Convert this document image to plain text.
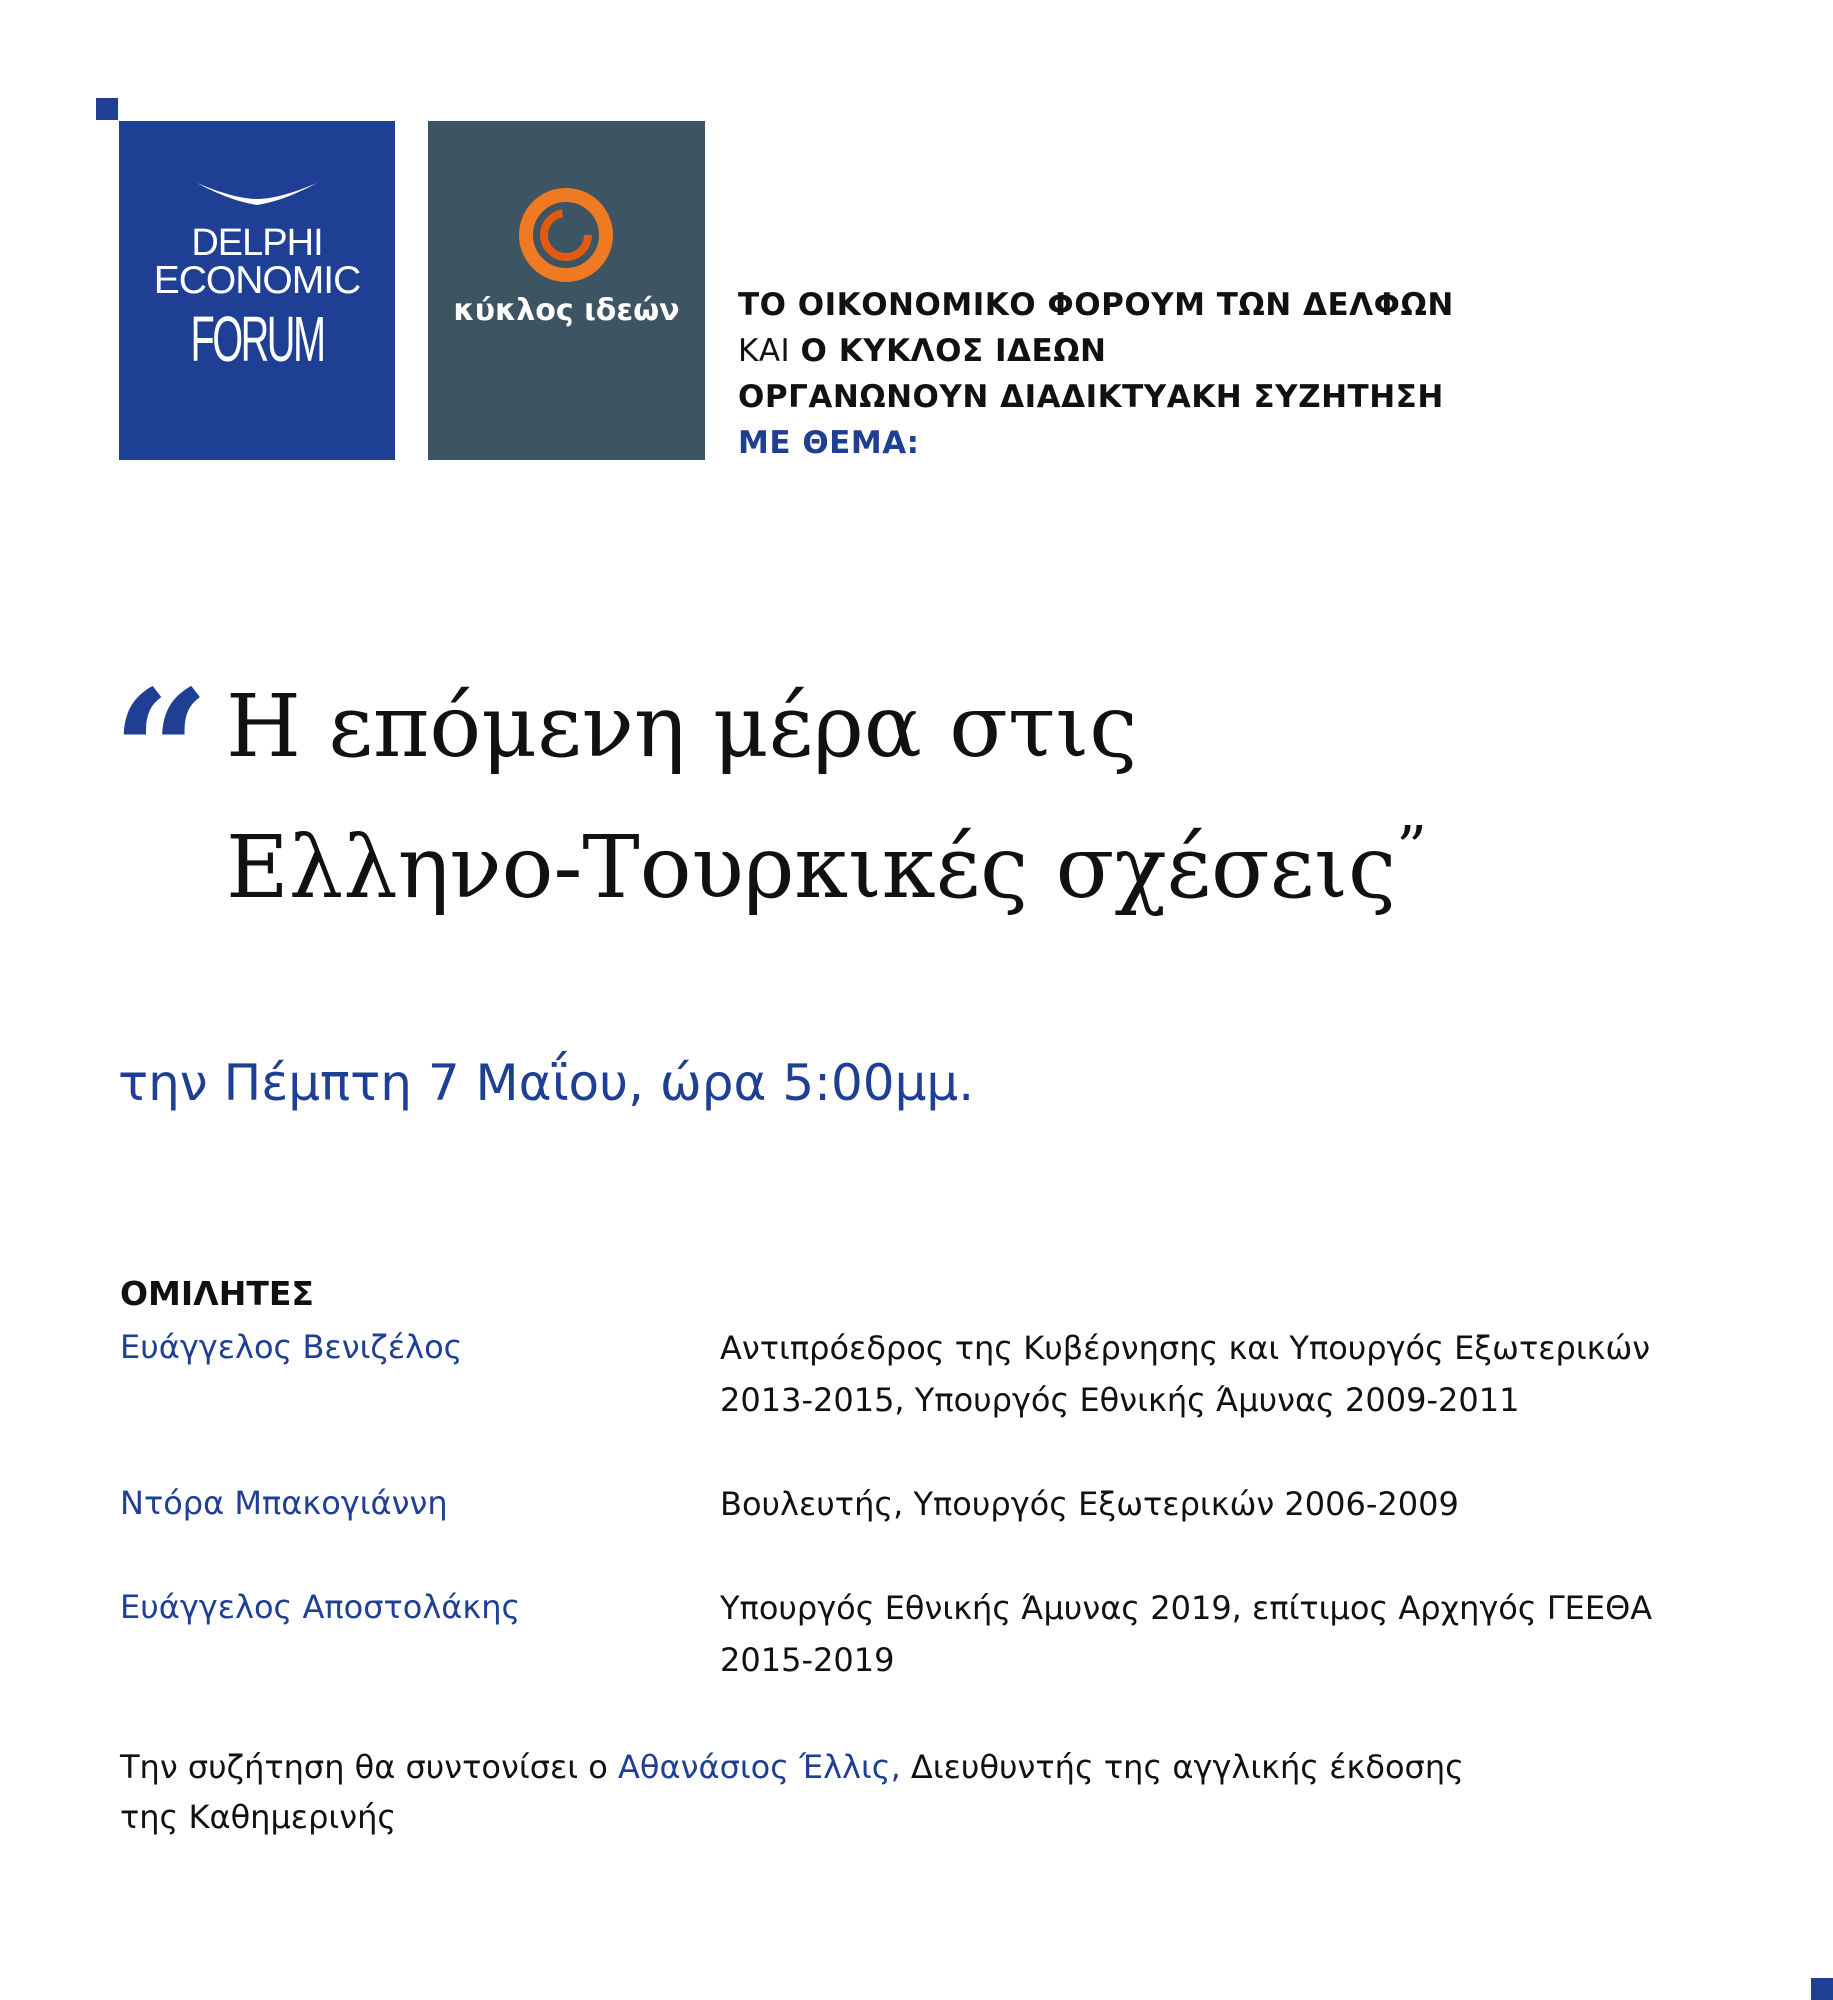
DELPHI
ECONOMIC
FORUM	κύκλος ιδεών	ΤΟ ΟΙΚΟΝΟΜΙΚΟ ΦΟΡΟΥΜ ΤΩΝ ΔΕΛΦΩΝ
ΚΑΙ Ο ΚΥΚΛΟΣ ΙΔΕΩΝ
ΟΡΓΑΝΩΝΟΥΝ ΔΙΑΔΙΚΤΥΑΚΗ ΣΥΖΗΤΗΣΗ
ΜΕ ΘΕΜΑ:
“ Η επόμενη μέρα στις
Ελληνο-Τουρκικές σχέσεις”
την Πέμπτη 7 Μαΐου, ώρα 5:00μμ.
ΟΜΙΛΗΤΕΣ
Ευάγγελος Βενιζέλος	Αντιπρόεδρος της Κυβέρνησης και Υπουργός Εξωτερικών
2013-2015, Υπουργός Εθνικής Άμυνας 2009-2011
Ντόρα Μπακογιάννη	Βουλευτής, Υπουργός Εξωτερικών 2006-2009
Ευάγγελος Αποστολάκης	Υπουργός Εθνικής Άμυνας 2019, επίτιμος Αρχηγός ΓΕΕΘΑ
2015-2019
Την συζήτηση θα συντονίσει ο Αθανάσιος Έλλις, Διευθυντής της αγγλικής έκδοσης
της Καθημερινής
